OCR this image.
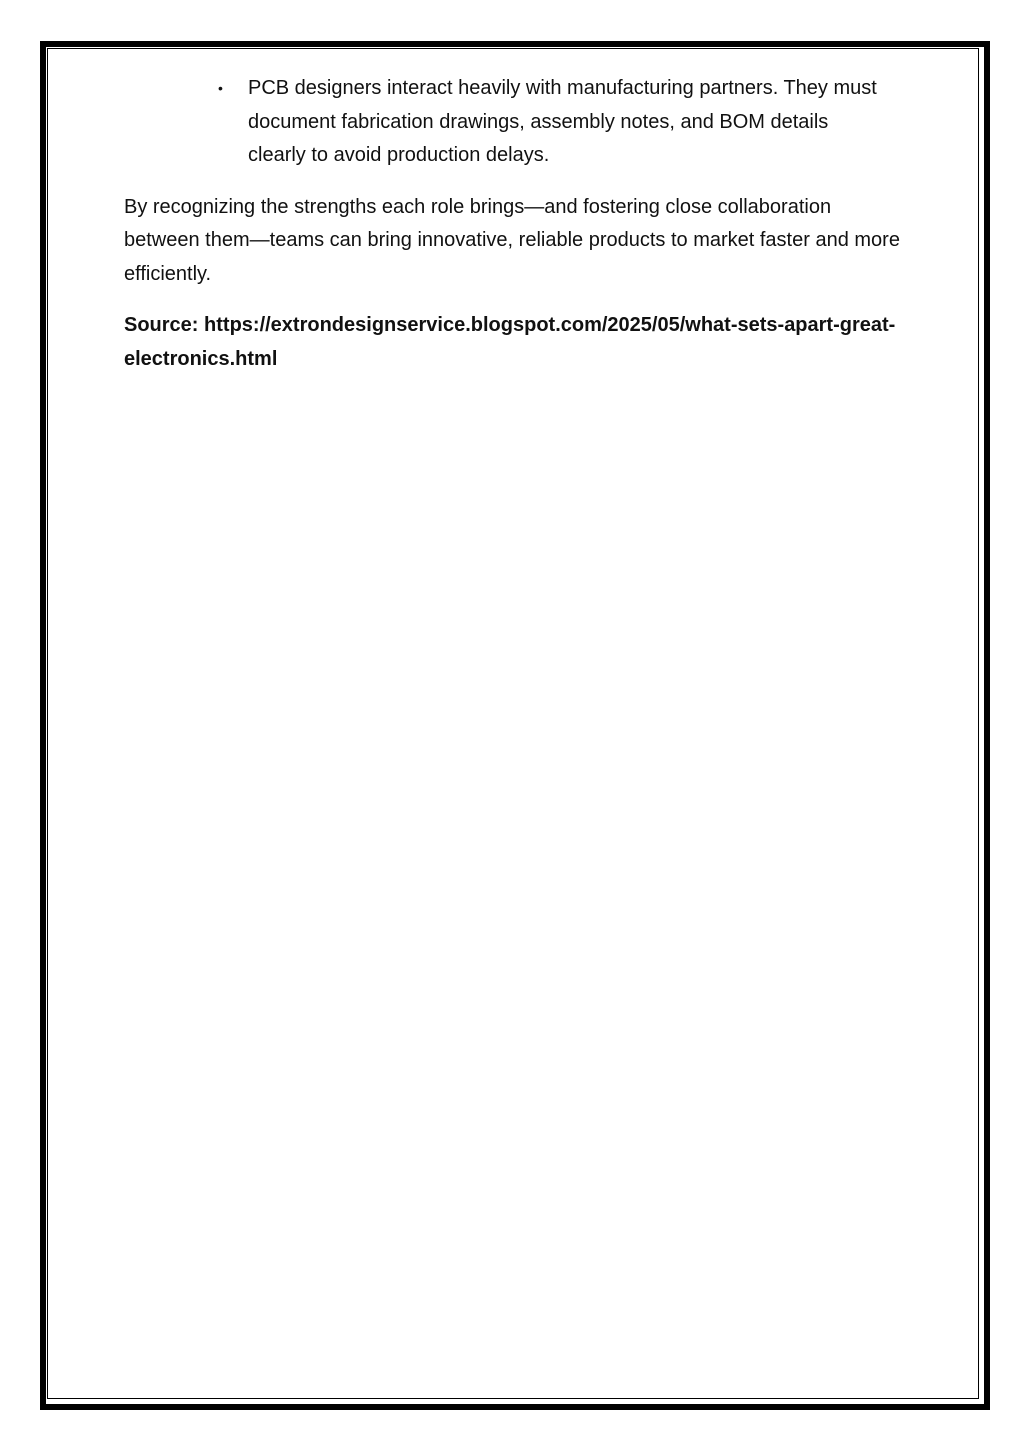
• PCB designers interact heavily with manufacturing partners. They must document fabrication drawings, assembly notes, and BOM details clearly to avoid production delays.

By recognizing the strengths each role brings—and fostering close collaboration between them—teams can bring innovative, reliable products to market faster and more efficiently.

Source: https://extrondesignservice.blogspot.com/2025/05/what-sets-apart-great-electronics.html
